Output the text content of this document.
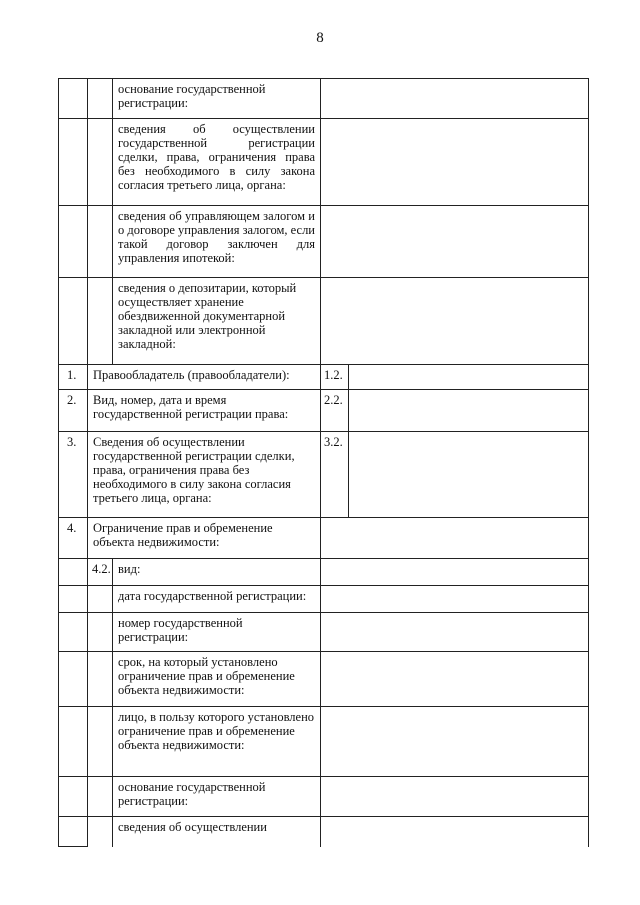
8
		основание государственной регистрации:		
		сведения об осуществлении государственной регистрации сделки, права, ограничения права без необходимого в силу закона согласия третьего лица, органа:		
		сведения об управляющем залогом и о договоре управления залогом, если такой договор заключен для управления ипотекой:		
		сведения о депозитарии, который осуществляет хранение обездвиженной документарной закладной или электронной закладной:		
1.	Правообладатель (правообладатели):		1.2.	
2.	Вид, номер, дата и время государственной регистрации права:		2.2.	
3.	Сведения об осуществлении государственной регистрации сделки, права, ограничения права без необходимого в силу закона согласия третьего лица, органа:		3.2.	
4.	Ограничение прав и обременение объекта недвижимости:			
	4.2.	вид:		
		дата государственной регистрации:		
		номер государственной регистрации:		
		срок, на который установлено ограничение прав и обременение объекта недвижимости:		
		лицо, в пользу которого установлено ограничение прав и обременение объекта недвижимости:		
		основание государственной регистрации:		
		сведения об осуществлении		
